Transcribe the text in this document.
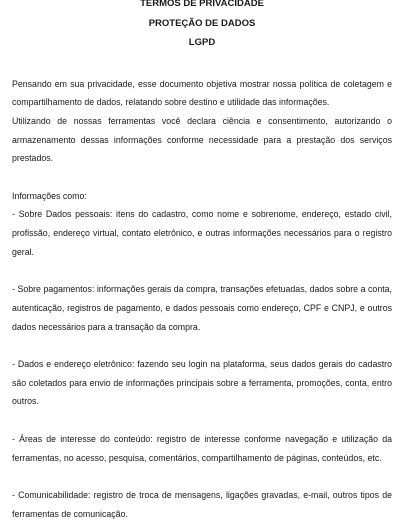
TERMOS DE PRIVACIDADE
PROTEÇÃO DE DADOS
LGPD

Pensando em sua privacidade, esse documento objetiva mostrar nossa política de coletagem e compartilhamento de dados, relatando sobre destino e utilidade das informações.

Utilizando de nossas ferramentas você declara ciência e consentimento, autorizando o armazenamento dessas informações conforme necessidade para a prestação dos serviços prestados.

Informações como:

- Sobre Dados pessoais: itens do cadastro, como nome e sobrenome, endereço, estado civil, profissão, endereço virtual, contato eletrônico, e outras informações necessários para o registro geral.

- Sobre pagamentos: informações gerais da compra, transações efetuadas, dados sobre a conta, autenticação, registros de pagamento, e dados pessoais como endereço, CPF e CNPJ, e outros dados necessários para a transação da compra.

- Dados e endereço eletrônico: fazendo seu login na plataforma, seus dados gerais do cadastro são coletados para envio de informações principais sobre a ferramenta, promoções, conta, entro outros.

- Áreas de interesse do conteúdo: registro de interesse conforme navegação e utilização da ferramentas, no acesso, pesquisa, comentários, compartilhamento de páginas, conteúdos, etc.

- Comunicabilidade: registro de troca de mensagens, ligações gravadas, e-mail, outros tipos de ferramentas de comunicação.
